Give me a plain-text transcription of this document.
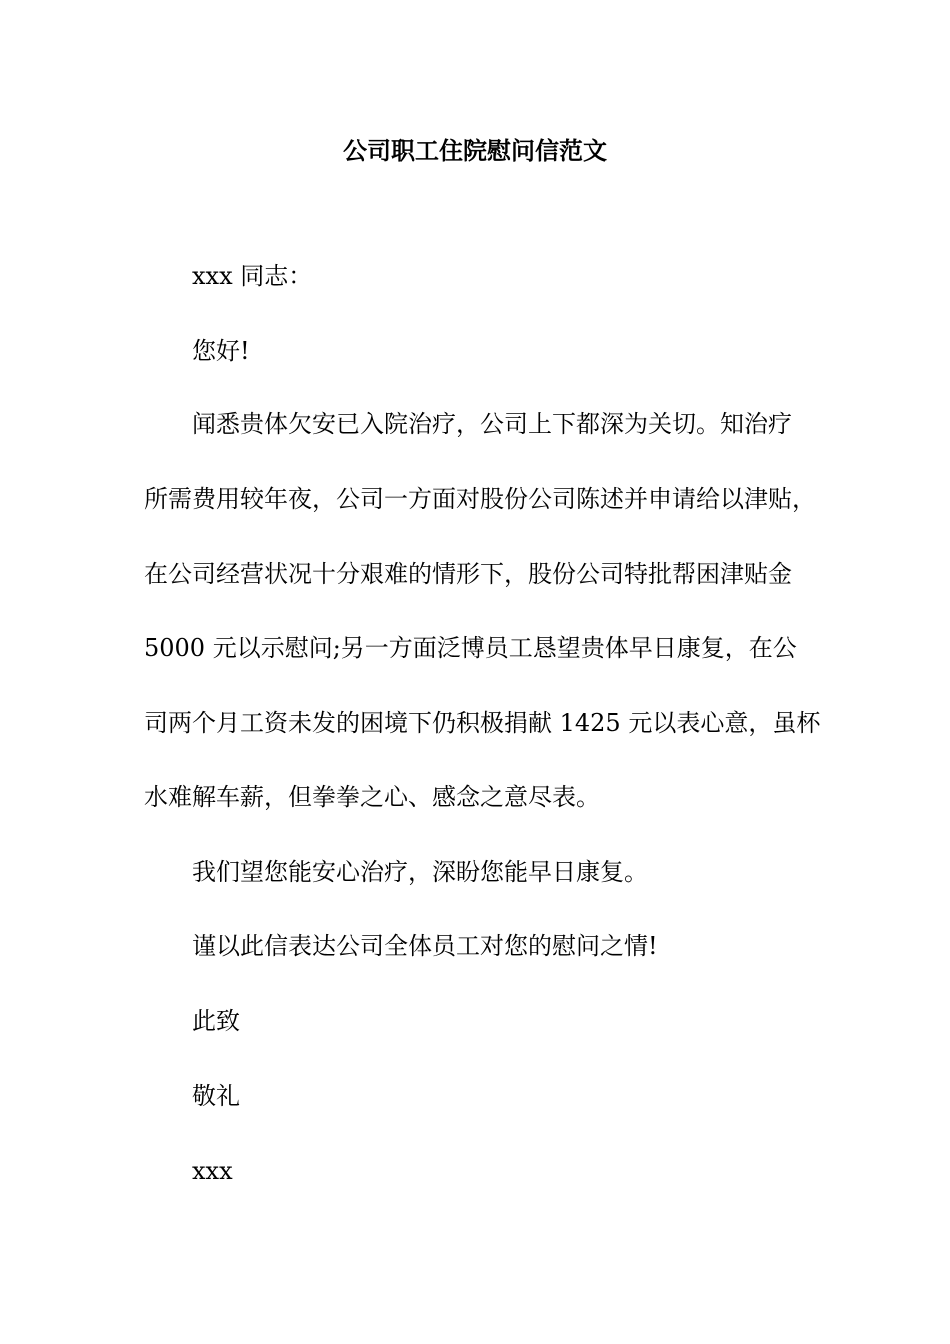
公司职工住院慰问信范文
xxx 同志：
您好!
闻悉贵体欠安已入院治疗，公司上下都深为关切。知治疗
所需费用较年夜，公司一方面对股份公司陈述并申请给以津贴，
在公司经营状况十分艰难的情形下，股份公司特批帮困津贴金
5000 元以示慰问;另一方面泛博员工恳望贵体早日康复，在公
司两个月工资未发的困境下仍积极捐献 1425 元以表心意，虽杯
水难解车薪，但拳拳之心、感念之意尽表。
我们望您能安心治疗，深盼您能早日康复。
谨以此信表达公司全体员工对您的慰问之情!
此致
敬礼
xxx
